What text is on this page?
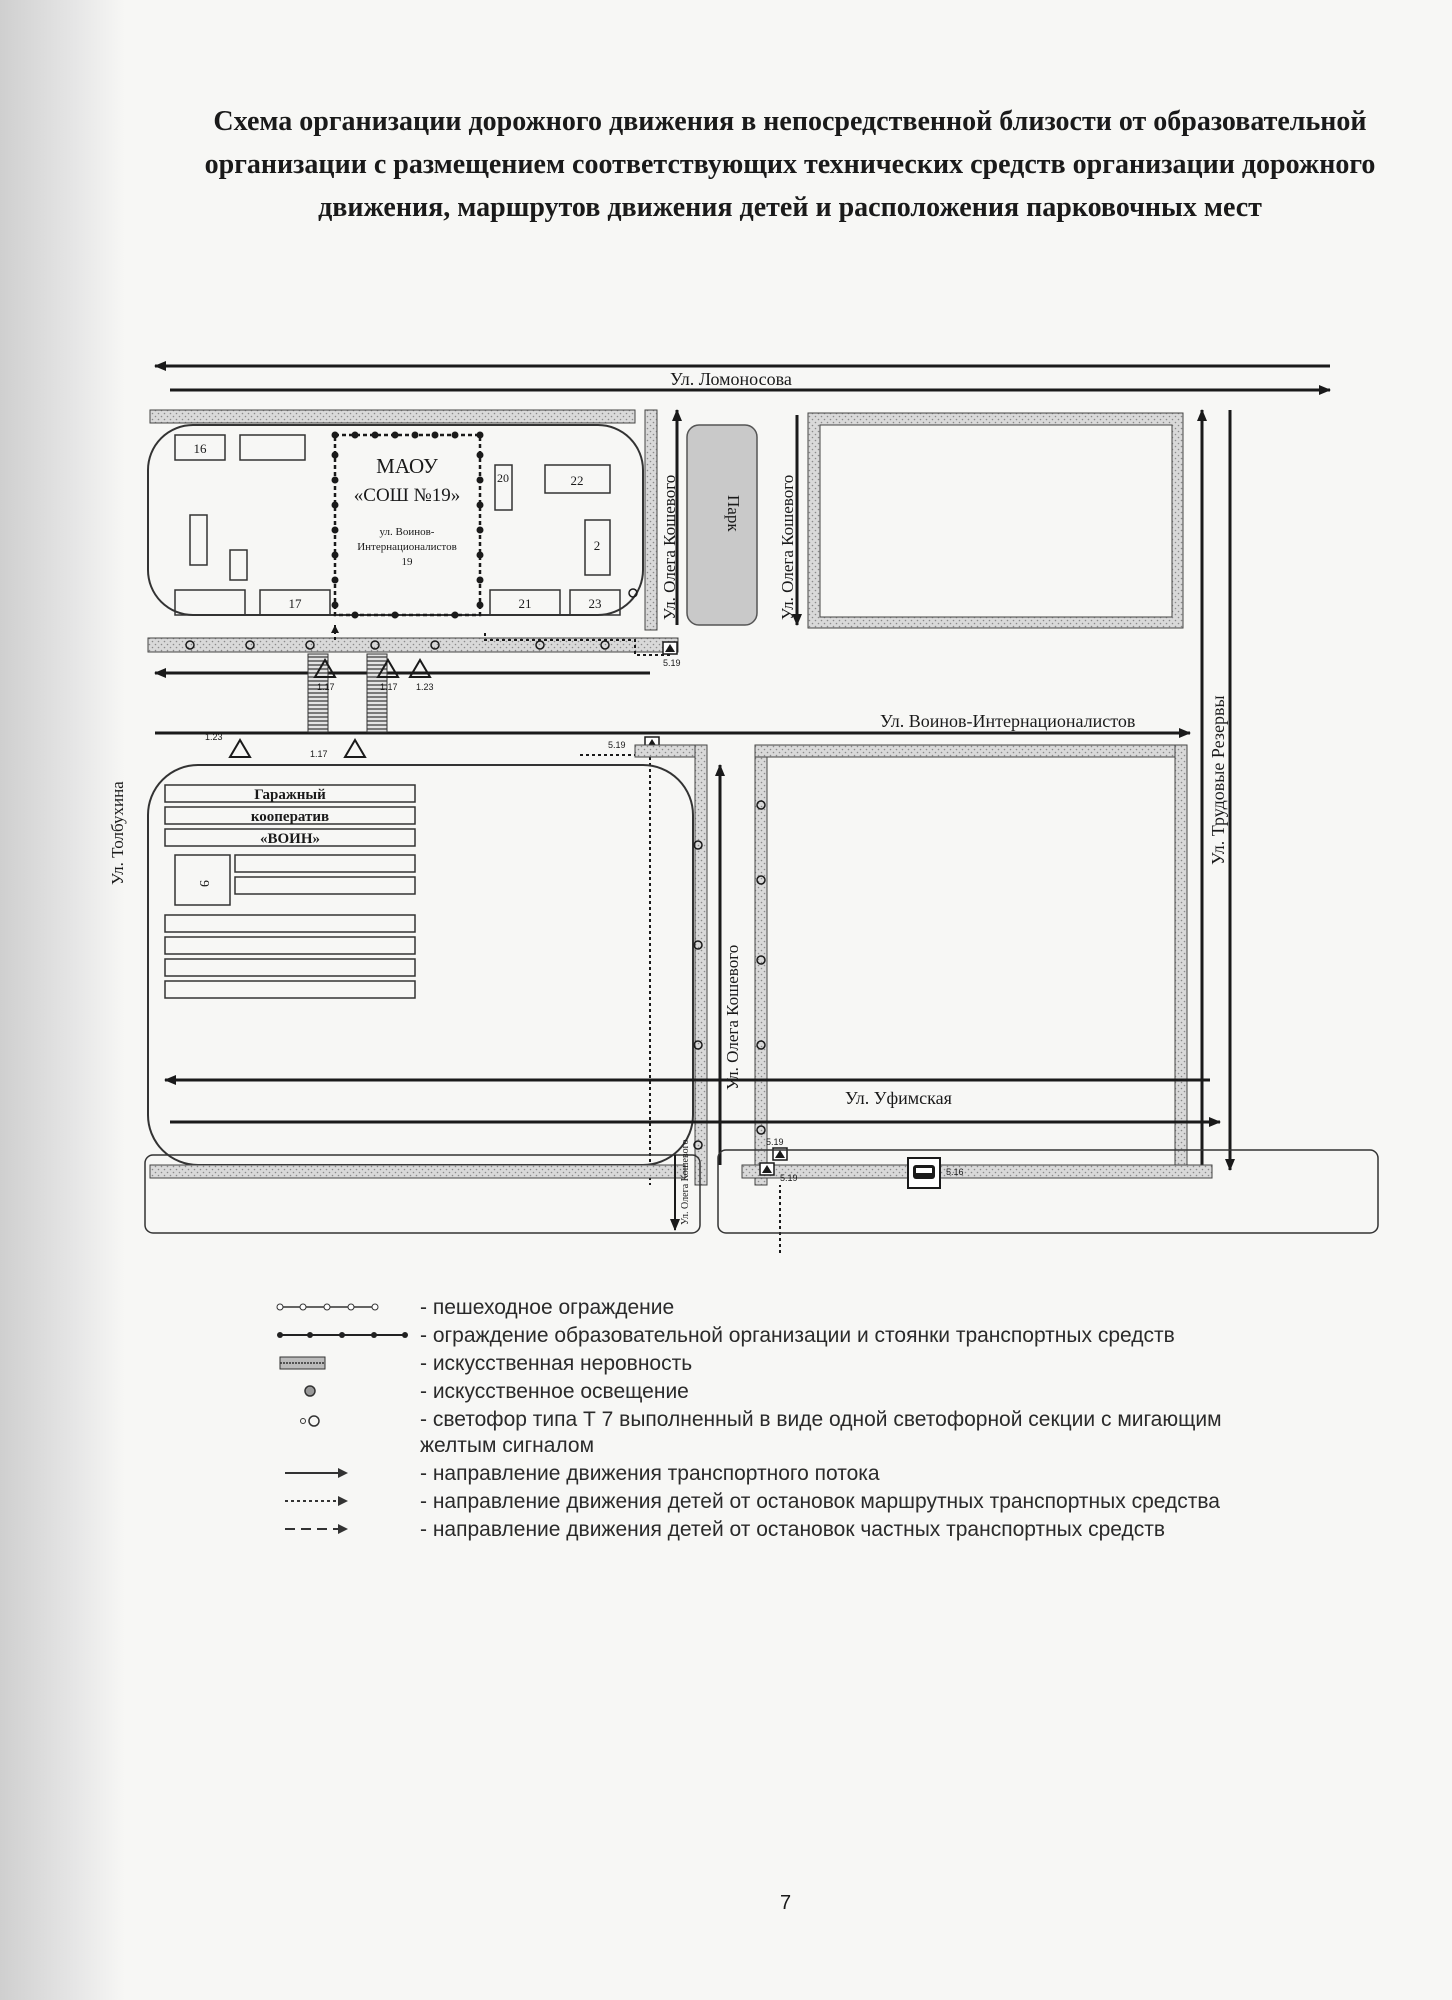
Схема организации дорожного движения в непосредственной близости от образовательной организации с размещением соответствующих технических средств организации дорожного движения, маршрутов движения детей и расположения парковочных мест
Ул. Ломоносова
16
17
МАОУ
«СОШ №19»
ул. Воинов-
Интернационалистов
19
20	22
2
21	23	Ул. Олега Кошевого	Парк Ул. Олега Кошевого
Ул. Трудовые Резервы
Ул. Воинов-Интернационалистов
1.17	1.17 1.23
5.19
1.23
1.17
5.19
Гаражный
кооператив
«ВОИН»
9
Ул. Олега Кошевого
5.19
Ул. Уфимская
5.19
Ул. Олега Кошевого	5.16
Ул. Толбухина
- пешеходное ограждение
- ограждение образовательной организации и стоянки транспортных средств
- искусственная неровность
- искусственное освещение
- светофор типа Т 7 выполненный в виде одной светофорной секции с мигающим желтым сигналом
- направление движения транспортного потока
- направление движения детей от остановок маршрутных транспортных средства
- направление движения детей от остановок частных транспортных средств
7
